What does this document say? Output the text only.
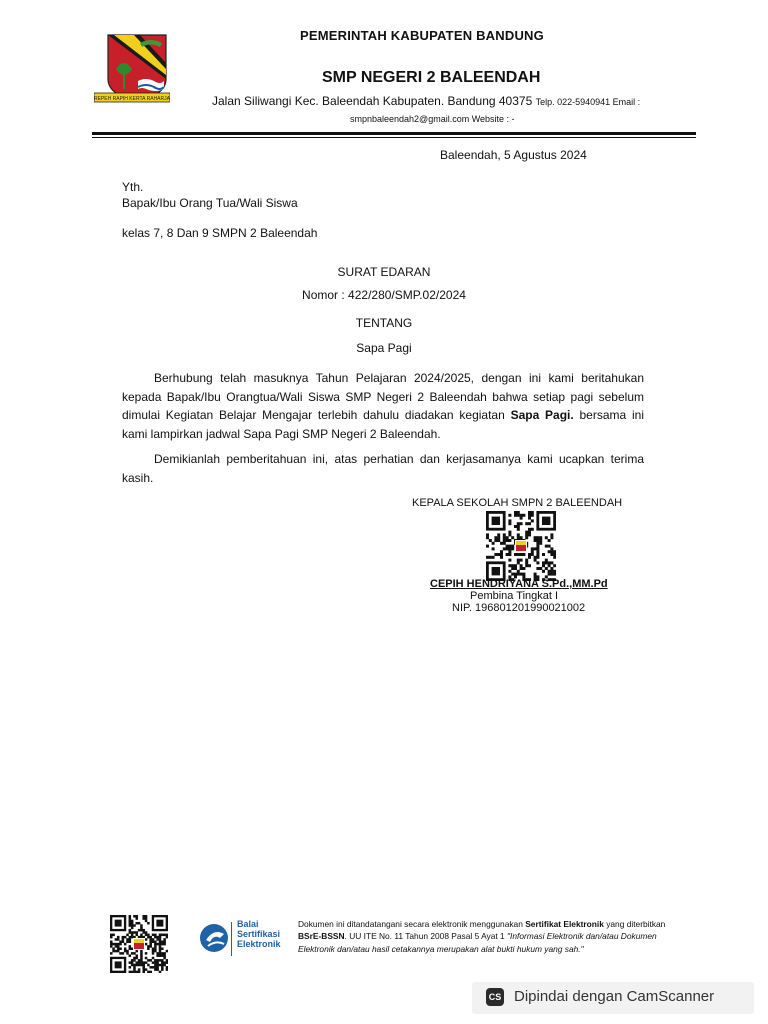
REPEH RAPIH KERTA RAHARJA
PEMERINTAH KABUPATEN BANDUNG
SMP NEGERI 2 BALEENDAH
Jalan Siliwangi Kec. Baleendah Kabupaten. Bandung 40375 Telp. 022-5940941 Email :
smpnbaleendah2@gmail.com Website : -
Baleendah, 5 Agustus 2024
Yth.
Bapak/Ibu Orang Tua/Wali Siswa
kelas 7, 8 Dan 9 SMPN 2 Baleendah
SURAT EDARAN
Nomor : 422/280/SMP.02/2024
TENTANG
Sapa Pagi
Berhubung telah masuknya Tahun Pelajaran 2024/2025, dengan ini kami beritahukan kepada Bapak/Ibu Orangtua/Wali Siswa SMP Negeri 2 Baleendah bahwa setiap pagi sebelum dimulai Kegiatan Belajar Mengajar terlebih dahulu diadakan kegiatan Sapa Pagi. bersama ini kami lampirkan jadwal Sapa Pagi SMP Negeri 2 Baleendah.
Demikianlah pemberitahuan ini, atas perhatian dan kerjasamanya kami ucapkan terima kasih.
KEPALA SEKOLAH SMPN 2 BALEENDAH
CEPIH HENDRIYANA S.Pd.,MM.Pd
Pembina Tingkat I
NIP. 196801201990021002
Balai
Sertifikasi
Elektronik
Dokumen ini ditandatangani secara elektronik menggunakan Sertifikat Elektronik yang diterbitkan BSrE-BSSN. UU ITE No. 11 Tahun 2008 Pasal 5 Ayat 1 "Informasi Elektronik dan/atau Dokumen Elektronik dan/atau hasil cetakannya merupakan alat bukti hukum yang sah."
CS Dipindai dengan CamScanner
